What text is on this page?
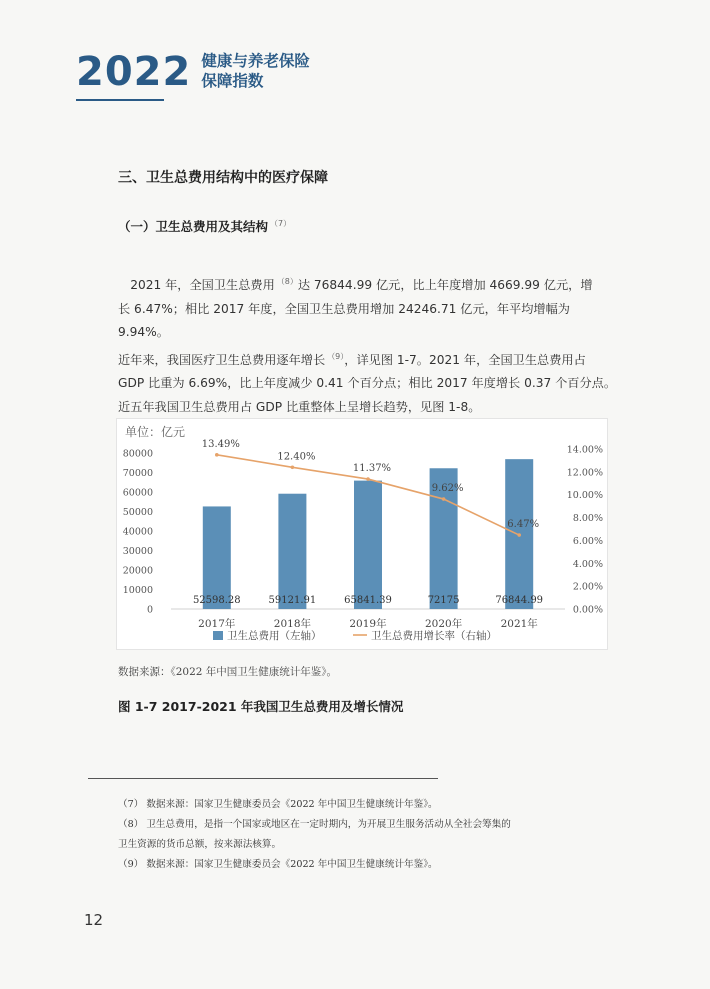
2022 健康与养老保险
保障指数
三、卫生总费用结构中的医疗保障
（一）卫生总费用及其结构 $^{(7)}$

　2021 年，全国卫生总费用 $^{(8)}$达 76844.99 亿元，比上年度增加 4669.99 亿元，增

长 6.47%；相比 2017 年度，全国卫生总费用增加 24246.71 亿元，年平均增幅为 9.94%。

近年来，我国医疗卫生总费用逐年增长 $^{(9)}$，详见图 1-7。2021 年，全国卫生总费用占

GDP 比重为 6.69%，比上年度减少 0.41 个百分点；相比 2017 年度增长 0.37 个百分点。

近五年我国卫生总费用占 GDP 比重整体上呈增长趋势，见图 1-8。

单位：亿元
0
10000
20000
30000
40000
50000
60000
70000
80000
0.00%
2.00%
4.00%
6.00%
8.00%
10.00%
12.00%
14.00%
52598.28
2017年
59121.91
2018年
65841.39
2019年
72175
2020年
76844.99
2021年
13.49%
12.40%
11.37%
9.62%
6.47%
卫生总费用（左轴）	卫生总费用增长率（右轴）
数据来源：《2022 年中国卫生健康统计年鉴》。
图 1-7 2017-2021 年我国卫生总费用及增长情况

（7） 数据来源：国家卫生健康委员会《2022 年中国卫生健康统计年鉴》。

（8） 卫生总费用，是指一个国家或地区在一定时期内，为开展卫生服务活动从全社会筹集的

卫生资源的货币总额，按来源法核算。

（9） 数据来源：国家卫生健康委员会《2022 年中国卫生健康统计年鉴》。

12
